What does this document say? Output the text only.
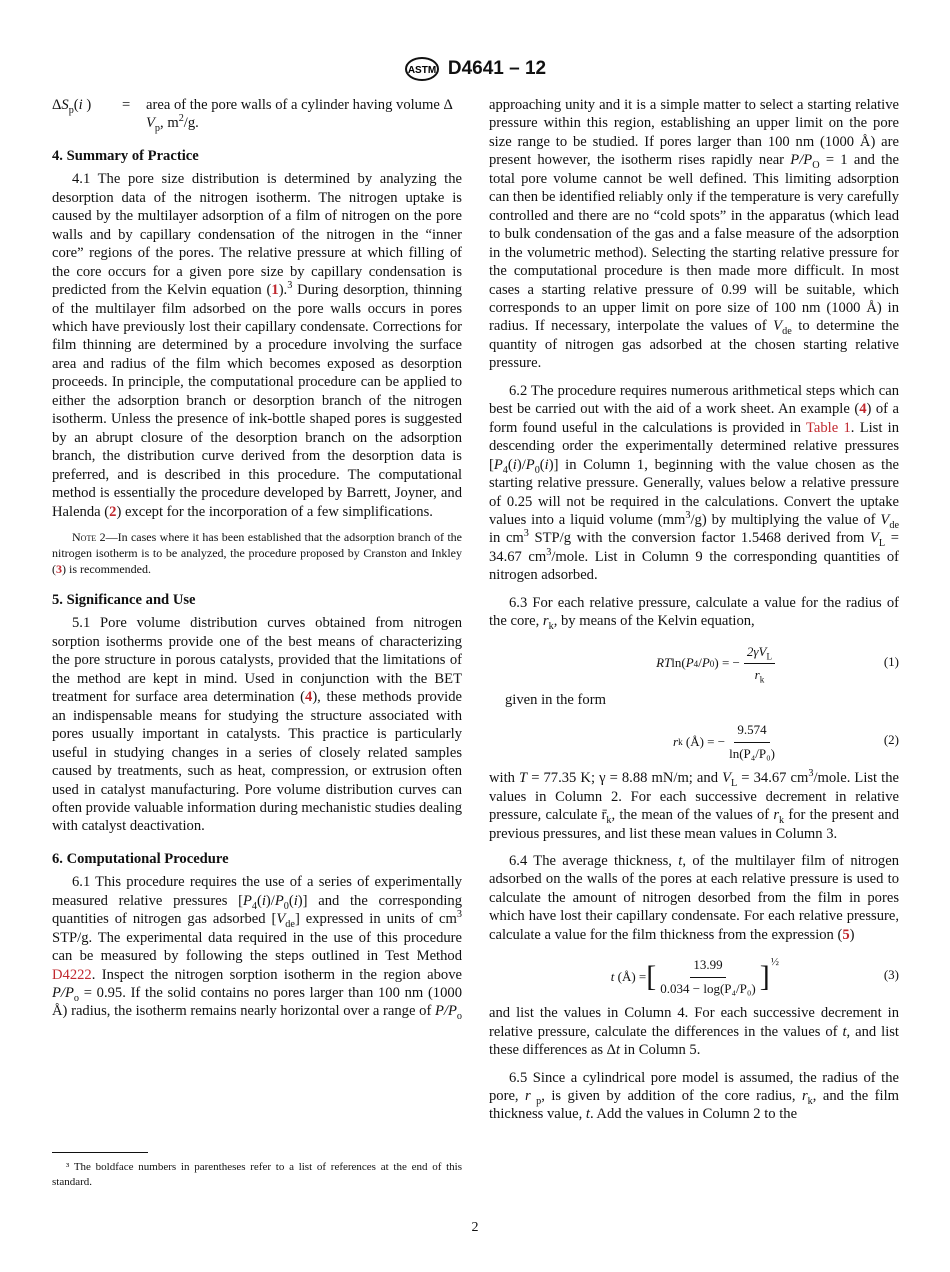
ASTM D4641 – 12
$\Delta S_p(i$ )	=	area of the pore walls of a cylinder having volume Δ $V_p$, $m^2/g$.
4. Summary of Practice

4.1 The pore size distribution is determined by analyzing the desorption data of the nitrogen isotherm. The nitrogen uptake is caused by the multilayer adsorption of a film of nitrogen on the pore walls and by capillary condensation of the nitrogen in the “inner core” regions of the pores. The relative pressure at which filling of the core occurs for a given pore size by capillary condensation is predicted from the Kelvin equation (1).$^3$ During desorption, thinning of the multilayer film adsorbed on the pore walls occurs in pores which have previously lost their capillary condensate. Corrections for film thinning are determined by a procedure involving the surface area and radius of the film which becomes exposed as desorption proceeds. In principle, the computational procedure can be applied to either the adsorption branch or desorption branch of the nitrogen isotherm. Unless the presence of ink-bottle shaped pores is suggested by an abrupt closure of the desorption branch on the adsorption branch, the distribution curve derived from the desorption data is preferred, and is described in this procedure. The computational method is essentially the procedure developed by Barrett, Joyner, and Halenda (2) except for the incorporation of a few simplifications.

Note 2—In cases where it has been established that the adsorption branch of the nitrogen isotherm is to be analyzed, the procedure proposed by Cranston and Inkley (3) is recommended.

5. Significance and Use

5.1 Pore volume distribution curves obtained from nitrogen sorption isotherms provide one of the best means of characterizing the pore structure in porous catalysts, provided that the limitations of the method are kept in mind. Used in conjunction with the BET treatment for surface area determination (4), these methods provide an indispensable means for studying the structure associated with pores usually important in catalysts. This practice is particularly useful in studying changes in a series of closely related samples caused by treatments, such as heat, compression, or extrusion often used in catalyst manufacturing. Pore volume distribution curves can often provide valuable information during mechanistic studies dealing with catalyst deactivation.

6. Computational Procedure

6.1 This procedure requires the use of a series of experimentally measured relative pressures $[P_4(i)/P_0(i)]$ and the corresponding quantities of nitrogen gas adsorbed $[V_{de}]$ expressed in units of $cm^3$ STP/g. The experimental data required in the use of this procedure can be measured by following the steps outlined in Test Method D4222. Inspect the nitrogen sorption isotherm in the region above $P/P_o = 0.95$. If the solid contains no pores larger than 100 nm (1000 Å) radius, the isotherm remains nearly horizontal over a range of $P/P_o$

³ The boldface numbers in parentheses refer to a list of references at the end of this standard.

approaching unity and it is a simple matter to select a starting relative pressure within this region, establishing an upper limit on the pore size range to be studied. If pores larger than 100 nm (1000 Å) are present however, the isotherm rises rapidly near $P/P_O = 1$ and the total pore volume cannot be well defined. This limiting adsorption can then be identified reliably only if the temperature is very carefully controlled and there are no “cold spots” in the apparatus (which lead to bulk condensation of the gas and a false measure of the adsorption in the volumetric method). Selecting the starting relative pressure for the computational procedure is then made more difficult. In most cases a starting relative pressure of 0.99 will be suitable, which corresponds to an upper limit on pore size of 100 nm (1000 Å) in radius. If necessary, interpolate the values of $V_{de}$ to determine the quantity of nitrogen gas adsorbed at the chosen starting relative pressure.

6.2 The procedure requires numerous arithmetical steps which can best be carried out with the aid of a work sheet. An example (4) of a form found useful in the calculations is provided in Table 1. List in descending order the experimentally determined relative pressures $[P_4(i)/P_0(i)]$ in Column 1, beginning with the value chosen as the starting relative pressure. Generally, values below a relative pressure of 0.25 will not be required in the calculations. Convert the uptake values into a liquid volume $(mm^3/g)$ by multiplying the value of $V_{de}$ in $cm^3$ STP/g with the conversion factor 1.5468 derived from $V_L = 34.67$ $cm^3$/mole. List in Column 9 the corresponding quantities of nitrogen adsorbed.

6.3 For each relative pressure, calculate a value for the radius of the core, $r_k$, by means of the Kelvin equation,

RT ln( P 4 / P 0 )
= − $\frac{2\gamma V_L}{r_k}$	(1)

given in the form

r k
(Å)
= − $\frac{9.574}{\text{ln(P₄/P₀)}}$	(2)

with T = 77.35 K; γ = 8.88 mN/m; and $V_L = 34.67$ $cm^3$/mole. List the values in Column 2. For each successive decrement in relative pressure, calculate $r̄_k$, the mean of the values of $r_k$ for the present and previous pressures, and list these mean values in Column 3.

6.4 The average thickness, t, of the multilayer film of nitrogen adsorbed on the walls of the pores at each relative pressure is used to calculate the amount of nitrogen desorbed from the film in pores which have lost their capillary condensate. For each relative pressure, calculate a value for the film thickness from the expression (5)

t
(Å)
= [ $\frac{13.99}{\text{0.034 − log(P₄/P₀)}}$ ] ½
(3)

and list the values in Column 4. For each successive decrement in relative pressure, calculate the differences in the values of t, and list these differences as Δt in Column 5.

6.5 Since a cylindrical pore model is assumed, the radius of the pore, r $_p$, is given by addition of the core radius, $r_k$, and the film thickness value, t. Add the values in Column 2 to the

2
